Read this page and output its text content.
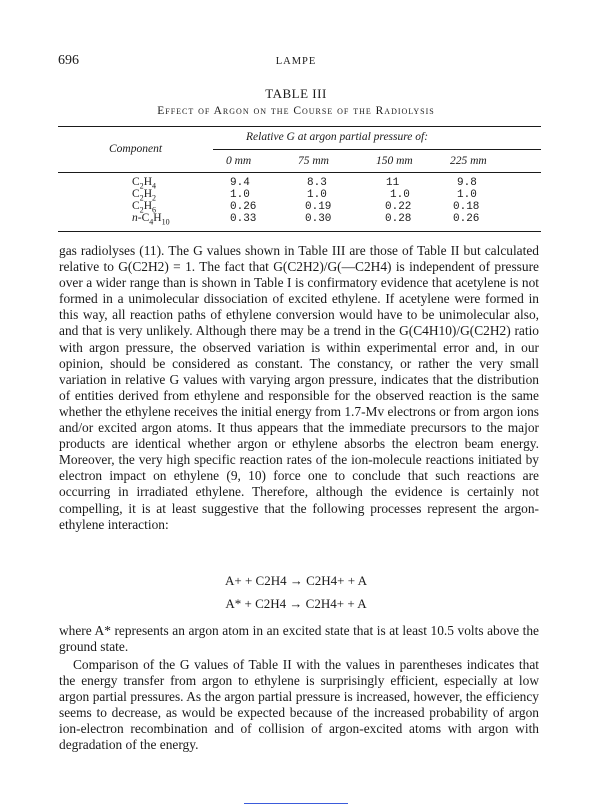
696	LAMPE
TABLE III
Effect of Argon on the Course of the Radiolysis
Relative G at argon partial pressure of:
Component
0 mm	75 mm	150 mm	225 mm
$C_2H_4$	9.4	8.3	11	9.8
$C_2H_2$	1.0	1.0	1.0	1.0
$C_2H_6$	0.26	0.19	0.22	0.18
$n-C_4H_{10}$	0.33	0.30	0.28	0.26

gas radiolyses (11). The G values shown in Table III are those of Table II but calculated relative to G(C2H2) = 1. The fact that G(C2H2)/G(—C2H4) is independent of pressure over a wider range than is shown in Table I is confirmatory evidence that acetylene is not formed in a unimolecular dissociation of excited ethylene. If acetylene were formed in this way, all reaction paths of ethylene conversion would have to be unimolecular also, and that is very unlikely. Although there may be a trend in the G(C4H10)/G(C2H2) ratio with argon pressure, the observed variation is within experimental error and, in our opinion, should be considered as constant. The constancy, or rather the very small variation in relative G values with varying argon pressure, indicates that the distribution of entities derived from ethylene and responsible for the observed reaction is the same whether the ethylene receives the initial energy from 1.7-Mv electrons or from argon ions and/or excited argon atoms. It thus appears that the immediate precursors to the major products are identical whether argon or ethylene absorbs the electron beam energy. Moreover, the very high specific reaction rates of the ion-molecule reactions initiated by electron impact on ethylene (9, 10) force one to conclude that such reactions are occurring in irradiated ethylene. Therefore, although the evidence is certainly not compelling, it is at least suggestive that the following processes represent the argon-ethylene interaction:

A+ + C2H4 → C2H4+ + A
A* + C2H4 → C2H4+ + A

where A* represents an argon atom in an excited state that is at least 10.5 volts above the ground state.

Comparison of the G values of Table II with the values in parentheses indicates that the energy transfer from argon to ethylene is surprisingly efficient, especially at low argon partial pressures. As the argon partial pressure is increased, however, the efficiency seems to decrease, as would be expected because of the increased probability of argon ion-electron recombination and of collision of argon-excited atoms with argon with degradation of the energy.
